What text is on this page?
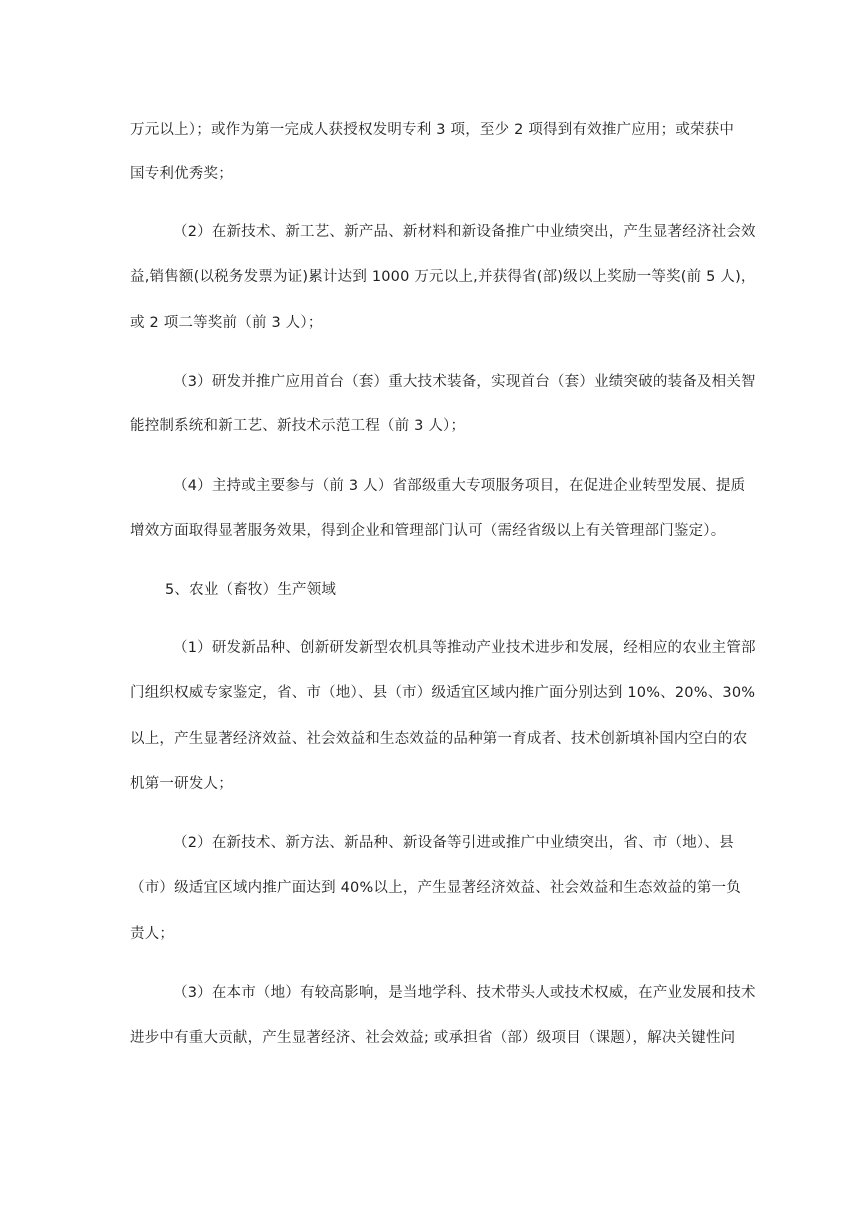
万元以上）；或作为第一完成人获授权发明专利 3 项，至少 2 项得到有效推广应用；或荣获中
国专利优秀奖；
（2）在新技术、新工艺、新产品、新材料和新设备推广中业绩突出，产生显著经济社会效
益,销售额(以税务发票为证)累计达到 1000 万元以上,并获得省(部)级以上奖励一等奖(前 5 人)，
或 2 项二等奖前（前 3 人）；
（3）研发并推广应用首台（套）重大技术装备，实现首台（套）业绩突破的装备及相关智
能控制系统和新工艺、新技术示范工程（前 3 人）；
（4）主持或主要参与（前 3 人）省部级重大专项服务项目，在促进企业转型发展、提质
增效方面取得显著服务效果，得到企业和管理部门认可（需经省级以上有关管理部门鉴定）。
5、农业（畜牧）生产领域
（1）研发新品种、创新研发新型农机具等推动产业技术进步和发展，经相应的农业主管部
门组织权威专家鉴定，省、市（地）、县（市）级适宜区域内推广面分别达到 10%、20%、30%
以上，产生显著经济效益、社会效益和生态效益的品种第一育成者、技术创新填补国内空白的农
机第一研发人；
（2）在新技术、新方法、新品种、新设备等引进或推广中业绩突出，省、市（地）、县
（市）级适宜区域内推广面达到 40%以上，产生显著经济效益、社会效益和生态效益的第一负
责人；
（3）在本市（地）有较高影响，是当地学科、技术带头人或技术权威，在产业发展和技术
进步中有重大贡献，产生显著经济、社会效益; 或承担省（部）级项目（课题），解决关键性问
